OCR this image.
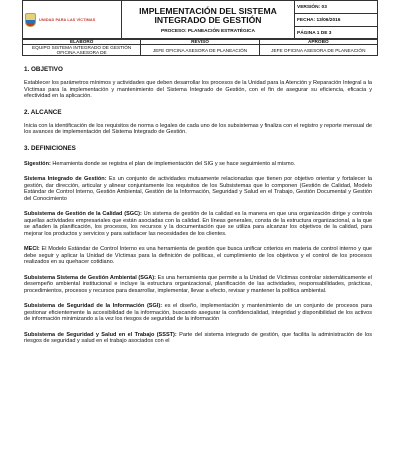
UNIDAD PARA LAS VÍCTIMAS

IMPLEMENTACIÓN DEL SISTEMA
INTEGRADO DE GESTIÓN
PROCESO: PLANEACIÓN ESTRATÉGICA
	VERSIÓN: 03
FECHA: 13/06/2016
PÁGINA 1 DE 3
ELABORÓ	REVISÓ	APROBÓ
EQUIPO SISTEMA INTEGRADO DE GESTIÓN OFICINA ASESORA DE	JEFE OFICINA ASESORA DE PLANEACIÓN	JEFE OFICINA ASESORA DE PLANEACIÓN

1. OBJETIVO

Establecer los parámetros mínimos y actividades que deben desarrollar los procesos de la Unidad para la Atención y Reparación Integral a la Víctimas para la implementación y mantenimiento del Sistema Integrado de Gestión, con el fin de asegurar su eficiencia, eficacia y efectividad en la aplicación.

2. ALCANCE

Inicia con la identificación de los requisitos de norma o legales de cada uno de los subsistemas y finaliza con el registro y reporte mensual de los avances de implementación del Sistema Integrado de Gestión.

3. DEFINICIONES

Sigestión: Herramienta donde se registra el plan de implementación del SIG y se hace seguimiento al mismo.

Sistema Integrado de Gestión: Es un conjunto de actividades mutuamente relacionadas que tienen por objetivo orientar y fortalecer la gestión, dar dirección, articular y alinear conjuntamente los requisitos de los Subsistemas que lo componen (Gestión de Calidad, Modelo Estándar de Control Interno, Gestión Ambiental, Gestión de la Información, Seguridad y Salud en el Trabajo, Gestión Documental y Gestión del Conocimiento

Subsistema de Gestión de la Calidad (SGC): Un sistema de gestión de la calidad es la manera en que una organización dirige y controla aquellas actividades empresariales que están asociadas con la calidad. En líneas generales, consta de la estructura organizacional, a la que se añaden la planificación, los procesos, los recursos y la documentación que se utiliza para alcanzar los objetivos de la calidad, para mejorar los productos y servicios y para satisfacer las necesidades de los clientes.

MECI: El Modelo Estándar de Control Interno es una herramienta de gestión que busca unificar criterios en materia de control interno y que debe seguir y aplicar la Unidad de Víctimas para la definición de políticas, el cumplimiento de los objetivos y el control de los procesos realizados en su quehacer cotidiano.

Subsistema Sistema de Gestión Ambiental (SGA): Es una herramienta que permite a la Unidad de Víctimas controlar sistemáticamente el desempeño ambiental institucional e incluye la estructura organizacional, planificación de las actividades, responsabilidades, prácticas, procedimientos, procesos y recursos para desarrollar, implementar, llevar a efecto, revisar y mantener la política ambiental.

Subsistema de Seguridad de la Información (SGI): es el diseño, implementación y mantenimiento de un conjunto de procesos para gestionar eficientemente la accesibilidad de la información, buscando asegurar la confidencialidad, integridad y disponibilidad de los activos de información minimizando a la vez los riesgos de seguridad de la información

Subsistema de Seguridad y Salud en el Trabajo (SSST): Parte del sistema integrado de gestión, que facilita la administración de los riesgos de seguridad y salud en el trabajo asociados con el
